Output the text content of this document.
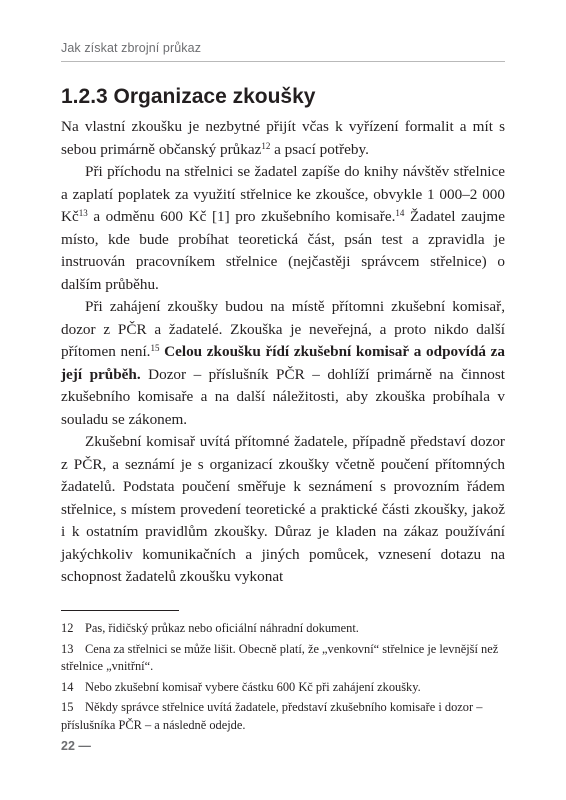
Jak získat zbrojní průkaz
1.2.3 Organizace zkoušky

Na vlastní zkoušku je nezbytné přijít včas k vyřízení formalit a mít s sebou primárně občanský průkaz$^{12}$ a psací potřeby.

Při příchodu na střelnici se žadatel zapíše do knihy návštěv střelnice a zaplatí poplatek za využití střelnice ke zkoušce, obvykle 1 000–2 000 $Kč^{13}$ a odměnu 600 Kč [1] pro zkušebního komisaře.$^{14}$ Žadatel zaujme místo, kde bude probíhat teoretická část, psán test a zpravidla je instruován pracovníkem střelnice (nejčastěji správcem střelnice) o dalším průběhu.

Při zahájení zkoušky budou na místě přítomni zkušební komisař, dozor z PČR a žadatelé. Zkouška je neveřejná, a proto nikdo další přítomen není.$^{15}$ Celou zkoušku řídí zkušební komisař a odpovídá za její průběh. Dozor – příslušník PČR – dohlíží primárně na činnost zkušebního komisaře a na další náležitosti, aby zkouška probíhala v souladu se zákonem.

Zkušební komisař uvítá přítomné žadatele, případně představí dozor z PČR, a seznámí je s organizací zkoušky včetně poučení přítomných žadatelů. Podstata poučení směřuje k seznámení s provozním řádem střelnice, s místem provedení teoretické a praktické části zkoušky, jakož i k ostatním pravidlům zkoušky. Důraz je kladen na zákaz používání jakýchkoliv komunikačních a jiných pomůcek, vznesení dotazu na schopnost žadatelů zkoušku vykonat

12 Pas, řidičský průkaz nebo oficiální náhradní dokument.
13 Cena za střelnici se může lišit. Obecně platí, že „venkovní“ střelnice je levnější než střelnice „vnitřní“.
14 Nebo zkušební komisař vybere částku 600 Kč při zahájení zkoušky.
15 Někdy správce střelnice uvítá žadatele, představí zkušebního komisaře i dozor – příslušníka PČR – a následně odejde.
22 —
